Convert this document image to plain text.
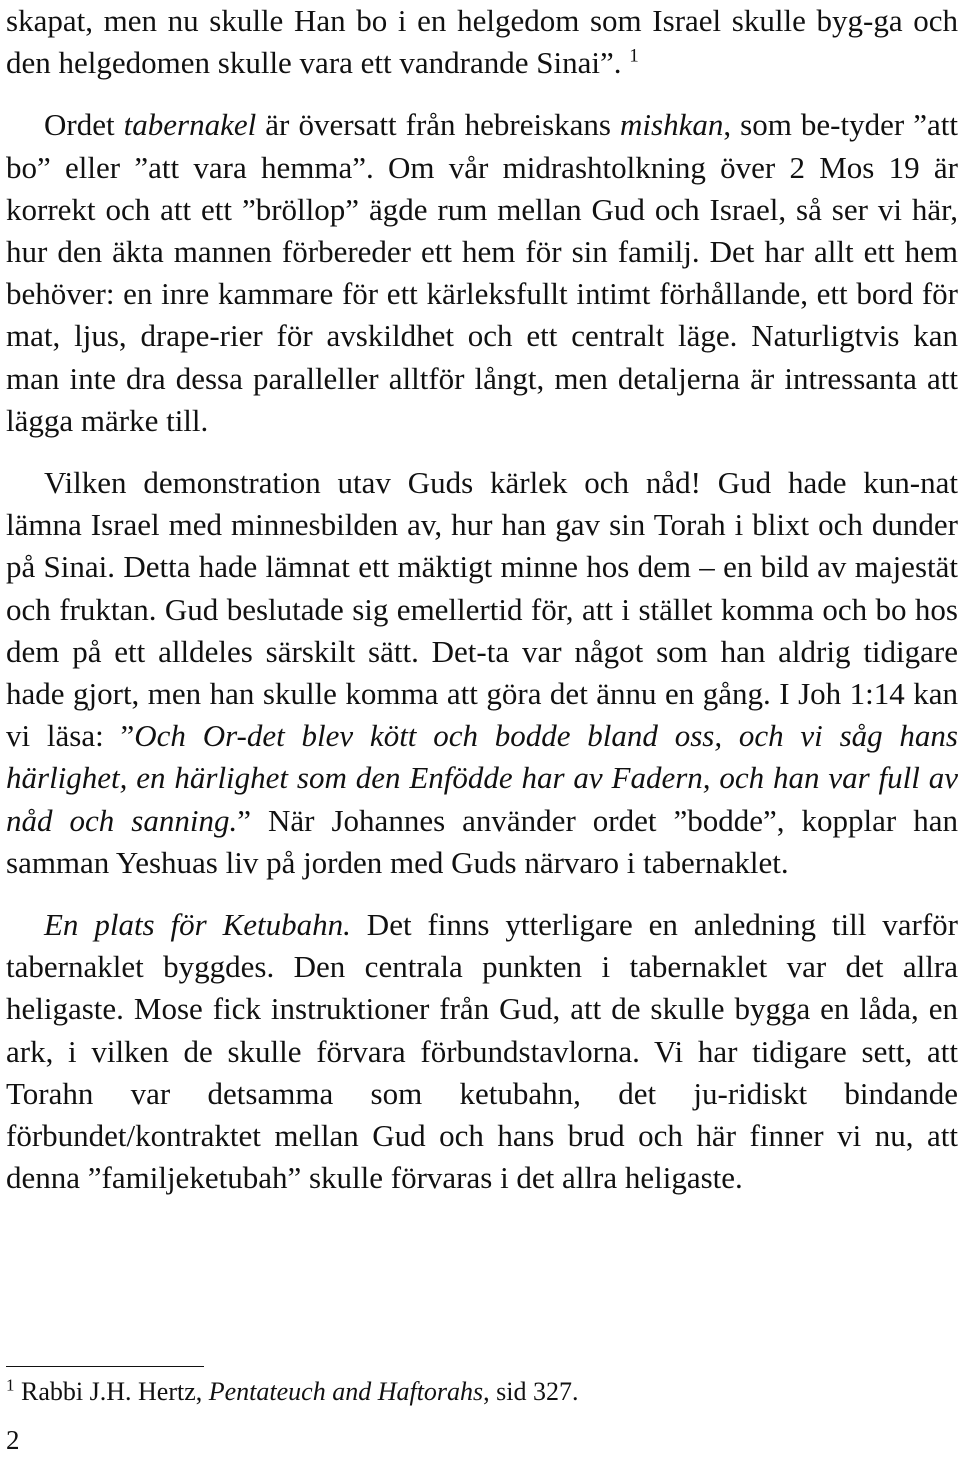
skapat, men nu skulle Han bo i en helgedom som Israel skulle byg-ga och den helgedomen skulle vara ett vandrande Sinai”. $^1$

Ordet tabernakel är översatt från hebreiskans mishkan, som be-tyder ”att bo” eller ”att vara hemma”. Om vår midrashtolkning över 2 Mos 19 är korrekt och att ett ”bröllop” ägde rum mellan Gud och Israel, så ser vi här, hur den äkta mannen förbereder ett hem för sin familj. Det har allt ett hem behöver: en inre kammare för ett kärleksfullt intimt förhållande, ett bord för mat, ljus, drape-rier för avskildhet och ett centralt läge. Naturligtvis kan man inte dra dessa paralleller alltför långt, men detaljerna är intressanta att lägga märke till.

Vilken demonstration utav Guds kärlek och nåd! Gud hade kun-nat lämna Israel med minnesbilden av, hur han gav sin Torah i blixt och dunder på Sinai. Detta hade lämnat ett mäktigt minne hos dem – en bild av majestät och fruktan. Gud beslutade sig emellertid för, att i stället komma och bo hos dem på ett alldeles särskilt sätt. Det-ta var något som han aldrig tidigare hade gjort, men han skulle komma att göra det ännu en gång. I Joh 1:14 kan vi läsa: ”Och Or-det blev kött och bodde bland oss, och vi såg hans härlighet, en härlighet som den Enfödde har av Fadern, och han var full av nåd och sanning.” När Johannes använder ordet ”bodde”, kopplar han samman Yeshuas liv på jorden med Guds närvaro i tabernaklet.

En plats för Ketubahn. Det finns ytterligare en anledning till varför tabernaklet byggdes. Den centrala punkten i tabernaklet var det allra heligaste. Mose fick instruktioner från Gud, att de skulle bygga en låda, en ark, i vilken de skulle förvara förbundstavlorna. Vi har tidigare sett, att Torahn var detsamma som ketubahn, det ju-ridiskt bindande förbundet/kontraktet mellan Gud och hans brud och här finner vi nu, att denna ”familjeketubah” skulle förvaras i det allra heligaste.

$^1$ Rabbi J.H. Hertz, Pentateuch and Haftorahs, sid 327.
2
